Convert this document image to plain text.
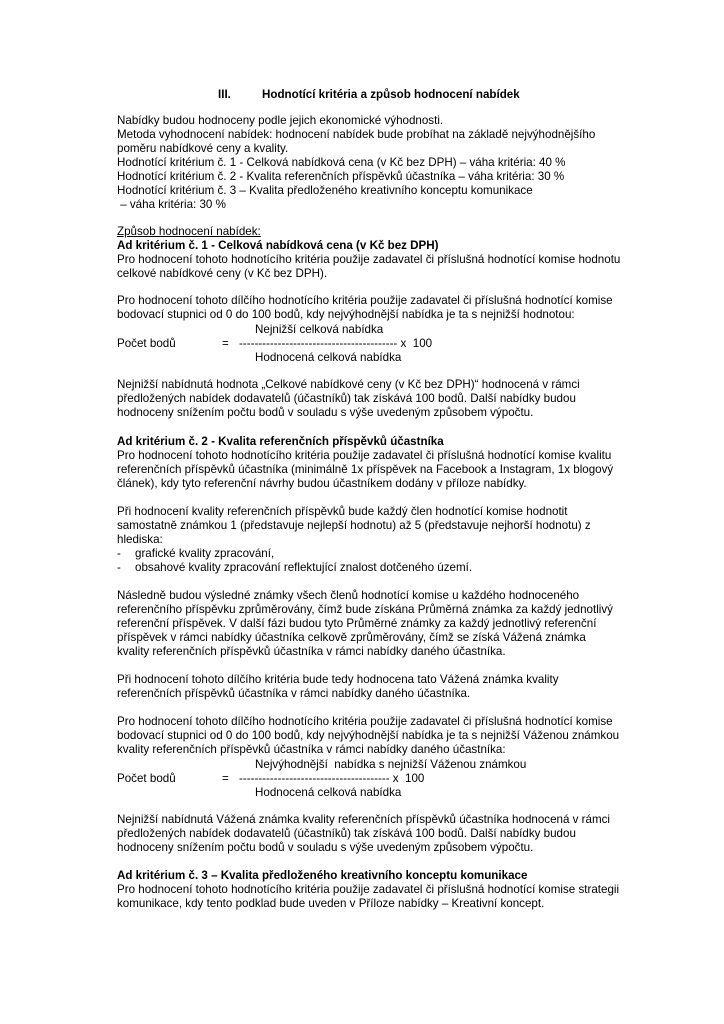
III.	Hodnotící kritéria a způsob hodnocení nabídek
Nabídky budou hodnoceny podle jejich ekonomické výhodnosti.
Metoda vyhodnocení nabídek: hodnocení nabídek bude probíhat na základě nejvýhodnějšího
poměru nabídkové ceny a kvality.
Hodnotící kritérium č. 1 - Celková nabídková cena (v Kč bez DPH) – váha kritéria: 40 %
Hodnotící kritérium č. 2 - Kvalita referenčních příspěvků účastníka – váha kritéria: 30 %
Hodnotící kritérium č. 3 – Kvalita předloženého kreativního konceptu komunikace
– váha kritéria: 30 %
Způsob hodnocení nabídek:
Ad kritérium č. 1 - Celková nabídková cena (v Kč bez DPH)
Pro hodnocení tohoto hodnotícího kritéria použije zadavatel či příslušná hodnotící komise hodnotu
celkové nabídkové ceny (v Kč bez DPH).
Pro hodnocení tohoto dílčího hodnotícího kritéria použije zadavatel či příslušná hodnotící komise
bodovací stupnici od 0 do 100 bodů, kdy nejvýhodnější nabídka je ta s nejnižší hodnotou:
Nejnižší celková nabídka
Počet bodů	= ----------------------------------------- x  100
Hodnocená celková nabídka
Nejnižší nabídnutá hodnota „Celkové nabídkové ceny (v Kč bez DPH)“ hodnocená v rámci
předložených nabídek dodavatelů (účastníků) tak získává 100 bodů. Další nabídky budou
hodnoceny snížením počtu bodů v souladu s výše uvedeným způsobem výpočtu.
Ad kritérium č. 2 - Kvalita referenčních příspěvků účastníka
Pro hodnocení tohoto hodnotícího kritéria použije zadavatel či příslušná hodnotící komise kvalitu
referenčních příspěvků účastníka (minimálně 1x příspěvek na Facebook a Instagram, 1x blogový
článek), kdy tyto referenční návrhy budou účastníkem dodány v příloze nabídky.
Při hodnocení kvality referenčních příspěvků bude každý člen hodnotící komise hodnotit
samostatně známkou 1 (představuje nejlepší hodnotu) až 5 (představuje nejhorší hodnotu) z
hlediska:
- grafické kvality zpracování,
- obsahové kvality zpracování reflektující znalost dotčeného území.
Následně budou výsledné známky všech členů hodnotící komise u každého hodnoceného
referenčního příspěvku zprůměrovány, čímž bude získána Průměrná známka za každý jednotlivý
referenční příspěvek. V další fázi budou tyto Průměrné známky za každý jednotlivý referenční
příspěvek v rámci nabídky účastníka celkově zprůměrovány, čímž se získá Vážená známka
kvality referenčních příspěvků účastníka v rámci nabídky daného účastníka.
Při hodnocení tohoto dílčího kritéria bude tedy hodnocena tato Vážená známka kvality
referenčních příspěvků účastníka v rámci nabídky daného účastníka.
Pro hodnocení tohoto dílčího hodnotícího kritéria použije zadavatel či příslušná hodnotící komise
bodovací stupnici od 0 do 100 bodů, kdy nejvýhodnější nabídka je ta s nejnižší Váženou známkou
kvality referenčních příspěvků účastníka v rámci nabídky daného účastníka:
Nejvýhodnější  nabídka s nejnižší Váženou známkou
Počet bodů	= --------------------------------------- x  100
Hodnocená celková nabídka
Nejnižší nabídnutá Vážená známka kvality referenčních příspěvků účastníka hodnocená v rámci
předložených nabídek dodavatelů (účastníků) tak získává 100 bodů. Další nabídky budou
hodnoceny snížením počtu bodů v souladu s výše uvedeným způsobem výpočtu.
Ad kritérium č. 3 – Kvalita předloženého kreativního konceptu komunikace
Pro hodnocení tohoto hodnotícího kritéria použije zadavatel či příslušná hodnotící komise strategii
komunikace, kdy tento podklad bude uveden v Příloze nabídky – Kreativní koncept.
